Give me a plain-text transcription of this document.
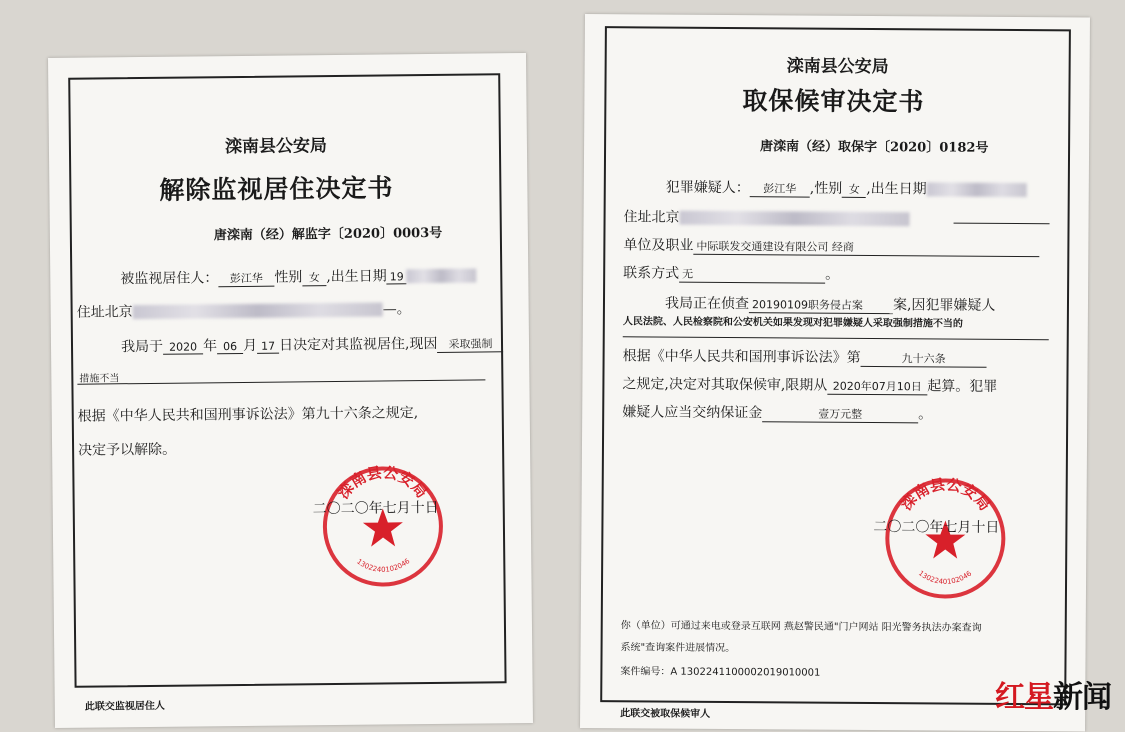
滦南县公安局
解除监视居住决定书
唐滦南（经）解监字〔2020〕0003号
被监视居住人： 彭江华 性别 女 ,出生日期 19
住址北京	—。
我局于 2020 年 06 月 17 日决定对其监视居住,现因 采取强制
措施不当
根据《中华人民共和国刑事诉讼法》第九十六条之规定,
决定予以解除。
滦南县公安局
1302240102046
二〇二〇年七月十日
此联交监视居住人
滦南县公安局
取保候审决定书
唐滦南（经）取保字〔2020〕0182号
犯罪嫌疑人： 彭江华 ,性别 女 ,出生日期
住址北京
单位及职业 中际联发交通建设有限公司 经商
联系方式 无	。
我局正在侦查 20190109职务侵占案 案,因犯罪嫌疑人
人民法院、人民检察院和公安机关如果发现对犯罪嫌疑人采取强制措施不当的
根据《中华人民共和国刑事诉讼法》第	九十六条
之规定,决定对其取保候审,限期从 2020年07月10日 起算。犯罪
嫌疑人应当交纳保证金	壹万元整	。
滦南县公安局
1302240102046
二〇二〇年七月十日
你（单位）可通过来电或登录互联网 燕赵警民通"门户网站 阳光警务执法办案查询
系统"查询案件进展情况。
案件编号：A 1302241100002019010001
此联交被取保候审人	红星新闻
